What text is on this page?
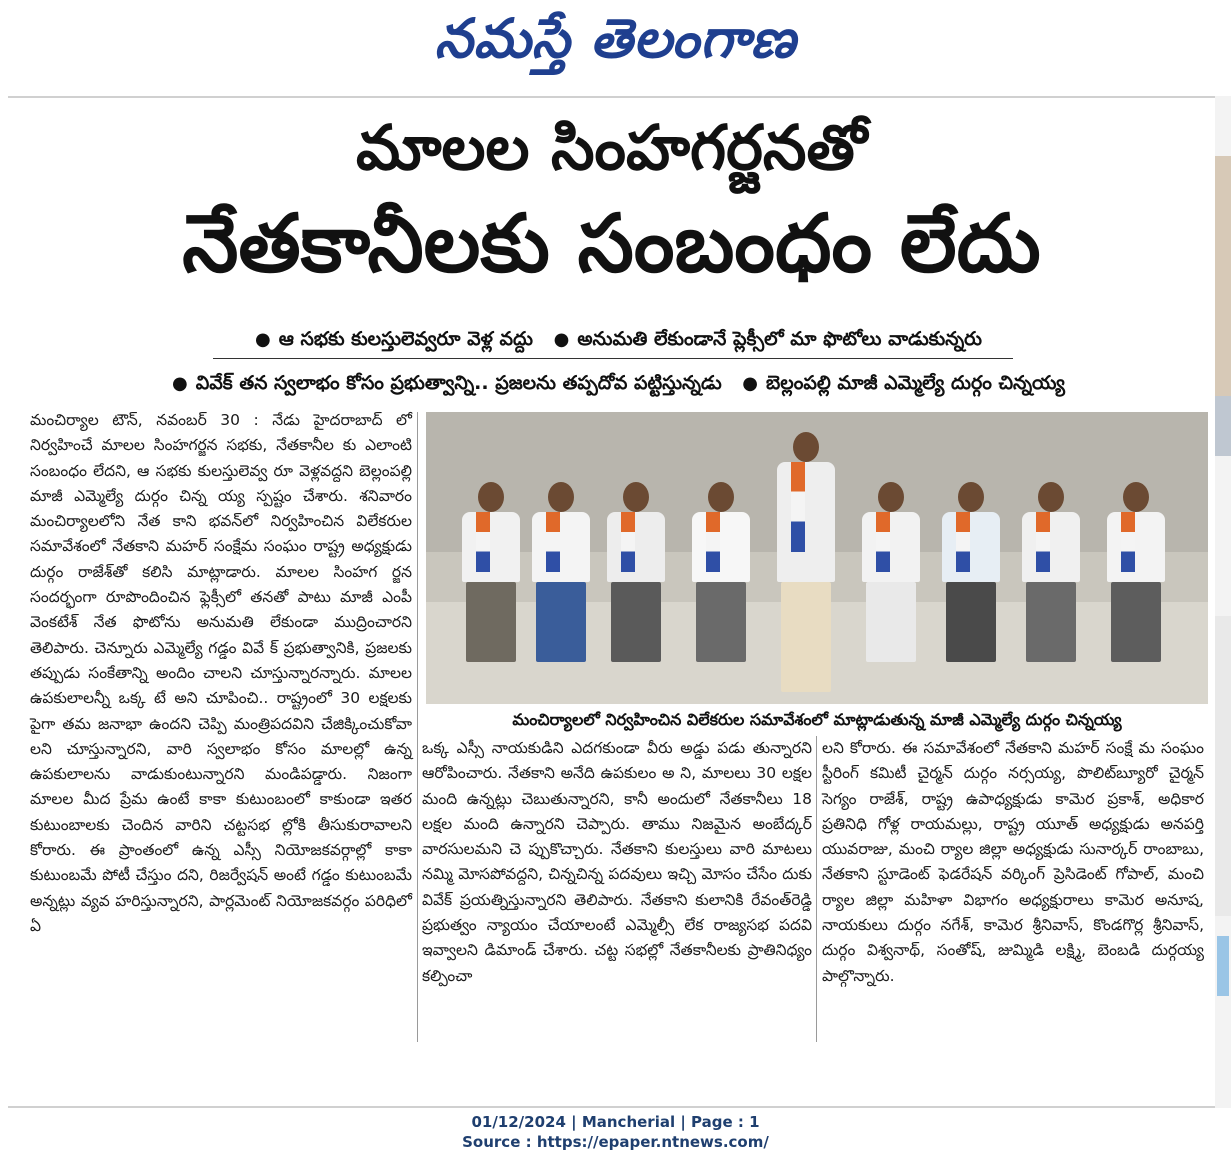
నమస్తే తెలంగాణ
మాలల సింహగర్జనతో
నేతకానీలకు సంబంధం లేదు
● ఆ సభకు కులస్తులెవ్వరూ వెళ్ల వద్దు ● అనుమతి లేకుండానే ప్లెక్సీలో మా ఫొటోలు వాడుకున్నరు
● వివేక్ తన స్వలాభం కోసం ప్రభుత్వాన్ని.. ప్రజలను తప్పదోవ పట్టిస్తున్నడు ● బెల్లంపల్లి మాజీ ఎమ్మెల్యే దుర్గం చిన్నయ్య

మంచిర్యాల టౌన్, నవంబర్ 30 : నేడు హైదరాబాద్ లో నిర్వహించే మాలల సింహగర్జన సభకు, నేతకానీల కు ఎలాంటి సంబంధం లేదని, ఆ సభకు కులస్తులెవ్వ రూ వెళ్లవద్దని బెల్లంపల్లి మాజీ ఎమ్మెల్యే దుర్గం చిన్న య్య స్పష్టం చేశారు. శనివారం మంచిర్యాలలోని నేత కాని భవన్‌లో నిర్వహించిన విలేకరుల సమావేశంలో నేతకాని మహర్ సంక్షేమ సంఘం రాష్ట్ర అధ్యక్షుడు దుర్గం రాజేశ్‌తో కలిసి మాట్లాడారు. మాలల సింహగ ర్జన సందర్భంగా రూపొందించిన ఫ్లెక్సీలో తనతో పాటు మాజీ ఎంపీ వెంకటేశ్ నేత ఫొటోను అనుమతి లేకుండా ముద్రించారని తెలిపారు. చెన్నూరు ఎమ్మెల్యే గడ్డం వివే క్ ప్రభుత్వానికి, ప్రజలకు తప్పుడు సంకేతాన్ని అందిం చాలని చూస్తున్నారన్నారు. మాలల ఉపకులాలన్నీ ఒక్క టే అని చూపించి.. రాష్ట్రంలో 30 లక్షలకు పైగా తమ జనాభా ఉందని చెప్పి మంత్రిపదవిని చేజిక్కించుకోవా లని చూస్తున్నారని, వారి స్వలాభం కోసం మాలల్లో ఉన్న ఉపకులాలను వాడుకుంటున్నారని మండిపడ్డారు. నిజంగా మాలల మీద ప్రేమ ఉంటే కాకా కుటుంబంలో కాకుండా ఇతర కుటుంబాలకు చెందిన వారిని చట్టసభ ల్లోకి తీసుకురావాలని కోరారు. ఈ ప్రాంతంలో ఉన్న ఎస్సీ నియోజకవర్గాల్లో కాకా కుటుంబమే పోటీ చేస్తుం దని, రిజర్వేషన్ అంటే గడ్డం కుటుంబమే అన్నట్లు వ్యవ హరిస్తున్నారని, పార్లమెంట్ నియోజకవర్గం పరిధిలో ఏ

మంచిర్యాలలో నిర్వహించిన విలేకరుల సమావేశంలో మాట్లాడుతున్న మాజీ ఎమ్మెల్యే దుర్గం చిన్నయ్య

ఒక్క ఎస్సీ నాయకుడిని ఎదగకుండా వీరు అడ్డు పడు తున్నారని ఆరోపించారు. నేతకాని అనేది ఉపకులం అ ని, మాలలు 30 లక్షల మంది ఉన్నట్లు చెబుతున్నారని, కానీ అందులో నేతకానీలు 18 లక్షల మంది ఉన్నారని చెప్పారు. తాము నిజమైన అంబేద్కర్ వారసులమని చె ప్పుకొచ్చారు. నేతకాని కులస్తులు వారి మాటలు నమ్మి మోసపోవద్దని, చిన్నచిన్న పదవులు ఇచ్చి మోసం చేసేం దుకు వివేక్ ప్రయత్నిస్తున్నారని తెలిపారు. నేతకాని కులానికి రేవంత్‌రెడ్డి ప్రభుత్వం న్యాయం చేయాలంటే ఎమ్మెల్సీ లేక రాజ్యసభ పదవి ఇవ్వాలని డిమాండ్ చేశారు. చట్ట సభల్లో నేతకానీలకు ప్రాతినిధ్యం కల్పించా

లని కోరారు. ఈ సమావేశంలో నేతకాని మహర్ సంక్షే మ సంఘం స్టీరింగ్ కమిటీ చైర్మన్ దుర్గం నర్సయ్య, పొలిట్‌బ్యూరో చైర్మన్ సెగ్యం రాజేశ్, రాష్ట్ర ఉపాధ్యక్షుడు కామెర ప్రకాశ్, అధికార ప్రతినిధి గోళ్ల రాయమల్లు, రాష్ట్ర యూత్ అధ్యక్షుడు అనపర్తి యువరాజు, మంచి ర్యాల జిల్లా అధ్యక్షుడు సునార్కర్ రాంబాబు, నేతకాని స్టూడెంట్ ఫెడరేషన్ వర్కింగ్ ప్రెసిడెంట్ గోపాల్, మంచి ర్యాల జిల్లా మహిళా విభాగం అధ్యక్షురాలు కామెర అనూష, నాయకులు దుర్గం నగేశ్, కామెర శ్రీనివాస్, కొండగొర్ల శ్రీనివాస్, దుర్గం విశ్వనాథ్, సంతోష్, జుమ్మిడి లక్ష్మి, బెంబడి దుర్గయ్య పాల్గొన్నారు.

01/12/2024 | Mancherial | Page : 1
Source : https://epaper.ntnews.com/
